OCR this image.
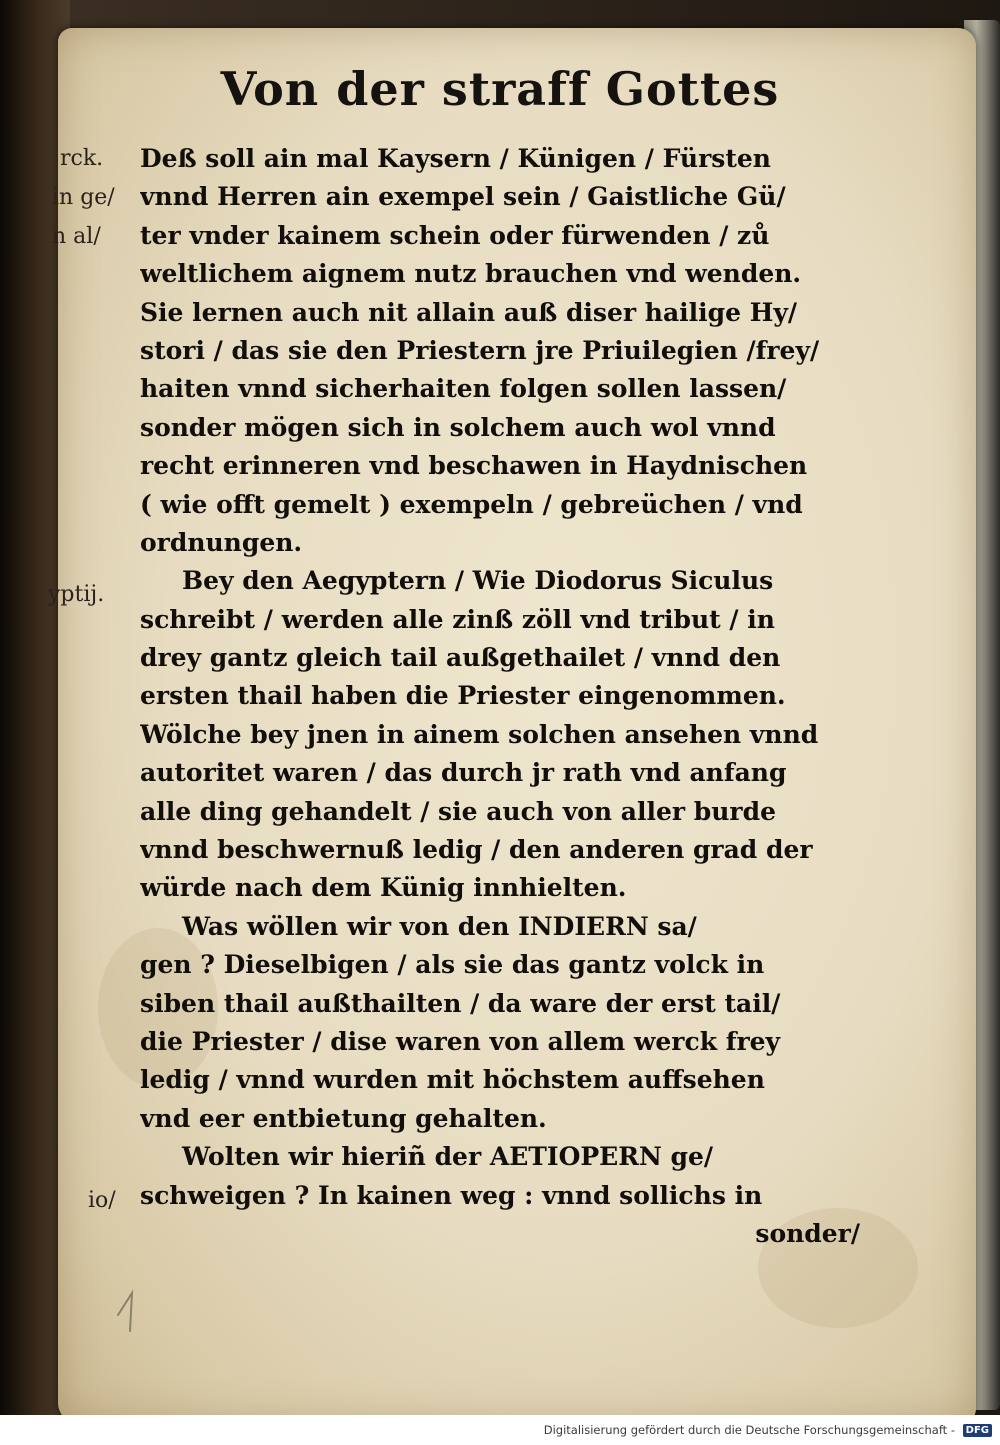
Von der straff Gottes
rck.
in ge/
n al/
yptij.
io/
Deß soll ain mal Kaysern / Künigen / Fürsten
vnnd Herren ain exempel sein / Gaistliche Gü/
ter vnder kainem schein oder fürwenden / zů
weltlichem aignem nutz brauchen vnd wenden.
Sie lernen auch nit allain auß diser hailige Hy/
stori / das sie den Priestern jre Priuilegien /frey/
haiten vnnd sicherhaiten folgen sollen lassen/
sonder mögen sich in solchem auch wol vnnd
recht erinneren vnd beschawen in Haydnischen
( wie offt gemelt ) exempeln / gebreüchen / vnd
ordnungen.
Bey den Aegyptern / Wie Diodorus Siculus
schreibt / werden alle zinß zöll vnd tribut / in
drey gantz gleich tail außgethailet / vnnd den
ersten thail haben die Priester eingenommen.
Wölche bey jnen in ainem solchen ansehen vnnd
autoritet waren / das durch jr rath vnd anfang
alle ding gehandelt / sie auch von aller burde
vnnd beschwernuß ledig / den anderen grad der
würde nach dem Künig innhielten.
Was wöllen wir von den INDIERN sa/
gen ? Dieselbigen / als sie das gantz volck in
siben thail außthailten / da ware der erst tail/
die Priester / dise waren von allem werck frey
ledig / vnnd wurden mit höchstem auffsehen
vnd eer entbietung gehalten.
Wolten wir hieriñ der AETIOPERN ge/
schweigen ? In kainen weg : vnnd sollichs in
sonder/
Digitalisierung gefördert durch die Deutsche Forschungsgemeinschaft - DFG
